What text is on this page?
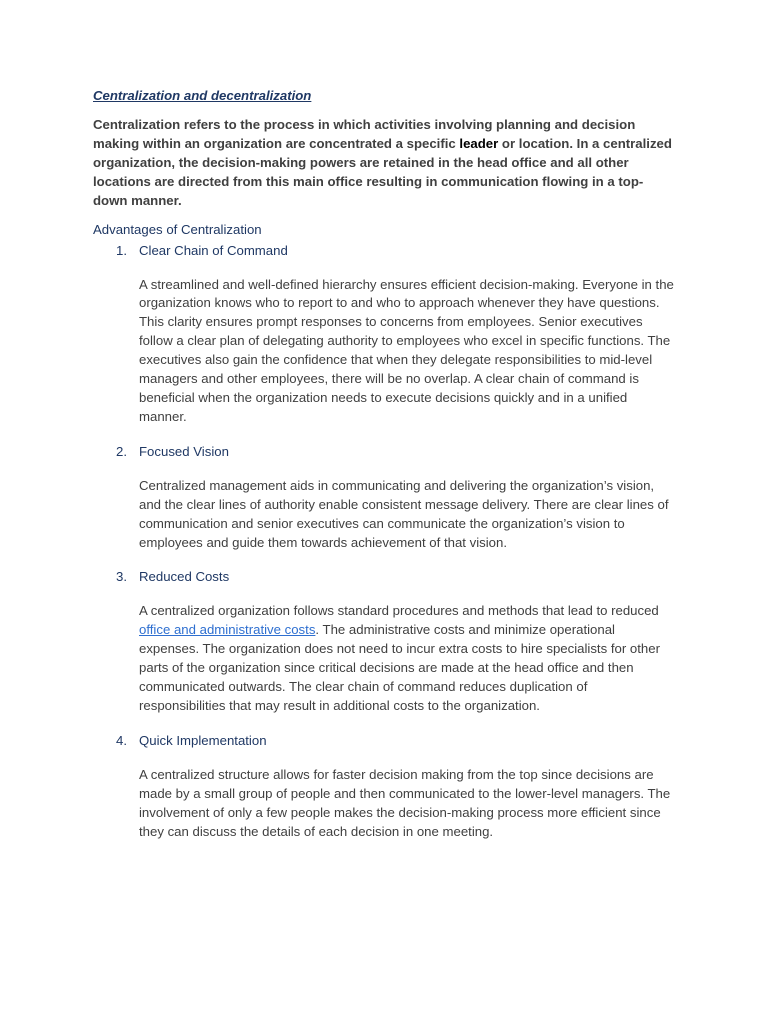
Centralization and decentralization

Centralization refers to the process in which activities involving planning and decision making within an organization are concentrated a specific leader or location. In a centralized organization, the decision-making powers are retained in the head office and all other locations are directed from this main office resulting in communication flowing in a top-down manner.

Advantages of Centralization
1. Clear Chain of Command

A streamlined and well-defined hierarchy ensures efficient decision-making. Everyone in the organization knows who to report to and who to approach whenever they have questions. This clarity ensures prompt responses to concerns from employees. Senior executives follow a clear plan of delegating authority to employees who excel in specific functions. The executives also gain the confidence that when they delegate responsibilities to mid-level managers and other employees, there will be no overlap. A clear chain of command is beneficial when the organization needs to execute decisions quickly and in a unified manner.

2. Focused Vision

Centralized management aids in communicating and delivering the organization’s vision, and the clear lines of authority enable consistent message delivery. There are clear lines of communication and senior executives can communicate the organization’s vision to employees and guide them towards achievement of that vision.

3. Reduced Costs

A centralized organization follows standard procedures and methods that lead to reduced office and administrative costs. The administrative costs and minimize operational expenses. The organization does not need to incur extra costs to hire specialists for other parts of the organization since critical decisions are made at the head office and then communicated outwards. The clear chain of command reduces duplication of responsibilities that may result in additional costs to the organization.

4. Quick Implementation

A centralized structure allows for faster decision making from the top since decisions are made by a small group of people and then communicated to the lower-level managers. The involvement of only a few people makes the decision-making process more efficient since they can discuss the details of each decision in one meeting.
